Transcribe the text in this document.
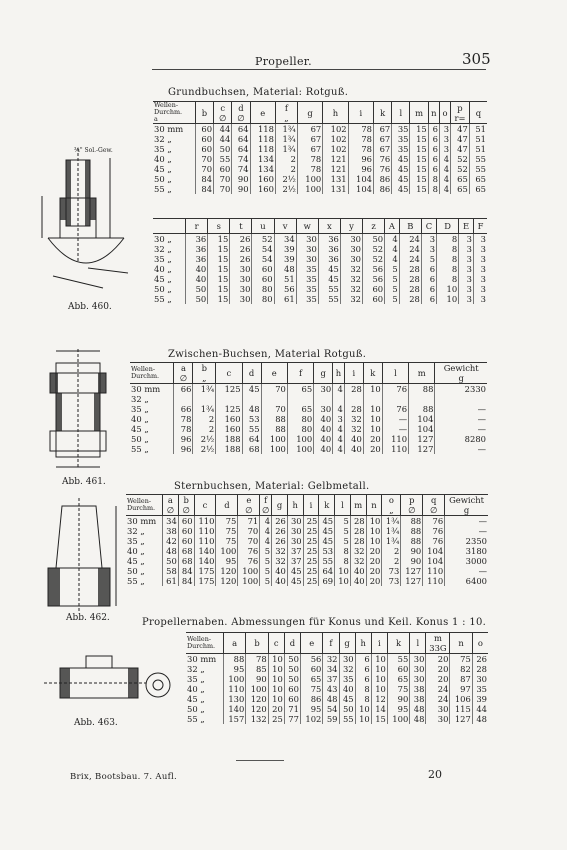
Propeller.	305
Grundbuchsen, Material: Rotguß.
Wellen-
Durchm.
a	b	c
∅	d
∅	e	f
„	g	h	i	k	l	m	n	o	p
r=	q
30 mm	60	44	64	118	1¾	67	102	78	67	35	15	6	3	47	51
32 „	60	44	64	118	1¾	67	102	78	67	35	15	6	3	47	51
35 „	60	50	64	118	1¾	67	102	78	67	35	15	6	3	47	51
40 „	70	55	74	134	2	78	121	96	76	45	15	6	4	52	55
45 „	70	60	74	134	2	78	121	96	76	45	15	6	4	52	55
50 „	84	70	90	160	2½	100	131	104	86	45	15	8	4	65	65
55 „	84	70	90	160	2½	100	131	104	86	45	15	8	4	65	65
	r	s	t	u	v	w	x	y	z	A	B	C	D	E	F
30 „	36	15	26	52	34	30	36	30	50	4	24	3	8	3	3
32 „	36	15	26	54	39	30	36	30	52	4	24	3	8	3	3
35 „	36	15	26	54	39	30	36	30	52	4	24	5	8	3	3
40 „	40	15	30	60	48	35	45	32	56	5	28	6	8	3	3
45 „	40	15	30	60	51	35	45	32	56	5	28	6	8	3	3
50 „	50	15	30	80	56	35	55	32	60	5	28	6	10	3	3
55 „	50	15	30	80	61	35	55	32	60	5	28	6	10	3	3
¾" Sol.-Gew.
Abb. 460.
Zwischen-Buchsen, Material Rotguß.
Wellen-
Durchm.	a
∅	b
„	c	d	e	f	g	h	i	k	l	m	Gewicht
g
30 mm	66	1¾	125	45	70	65	30	4	28	10	76	88	2330
32 „													
35 „	66	1¾	125	48	70	65	30	4	28	10	76	88	—
40 „	78	2	160	53	88	80	40	3	32	10	—	104	—
45 „	78	2	160	55	88	80	40	4	32	10	—	104	—
50 „	96	2½	188	64	100	100	40	4	40	20	110	127	8280
55 „	96	2½	188	68	100	100	40	4	40	20	110	127	—
Abb. 461.	Sternbuchsen, Material: Gelbmetall.
Wellen-
Durchm.	a
∅	b
∅	c	d	e
∅	f
∅	g	h	i	k	l	m	n	o
„	p
∅	q
∅	Gewicht
g
30 mm	34	60	110	75	71	4	26	30	25	45	5	28	10	1¾	88	76	—
32 „	38	60	110	75	70	4	26	30	25	45	5	28	10	1¾	88	76	—
35 „	42	60	110	75	70	4	26	30	25	45	5	28	10	1¾	88	76	2350
40 „	48	68	140	100	76	5	32	37	25	53	8	32	20	2	90	104	3180
45 „	50	68	140	95	76	5	32	37	25	55	8	32	20	2	90	104	3000
50 „	58	84	175	120	100	5	40	45	25	64	10	40	20	73	127	110	—
55 „	61	84	175	120	100	5	40	45	25	69	10	40	20	73	127	110	6400
Abb. 462.	Propellernaben. Abmessungen für Konus und Keil. Konus 1 : 10.
Wellen-
Durchm.	a	b	c	d	e	f	g	h	i	k	l	m
33G	n	o
30 mm	88	78	10	50	56	32	30	6	10	55	30	20	75	26
32 „	95	85	10	50	60	34	32	6	10	60	30	20	82	28
35 „	100	90	10	50	65	37	35	6	10	65	30	20	87	30
40 „	110	100	10	60	75	43	40	8	10	75	38	24	97	35
45 „	130	120	10	60	86	48	45	8	12	90	38	24	106	39
50 „	140	120	20	71	95	54	50	10	14	95	48	30	115	44
55 „	157	132	25	77	102	59	55	10	15	100	48	30	127	48
Abb. 463.
Brix, Bootsbau. 7. Aufl.	20
